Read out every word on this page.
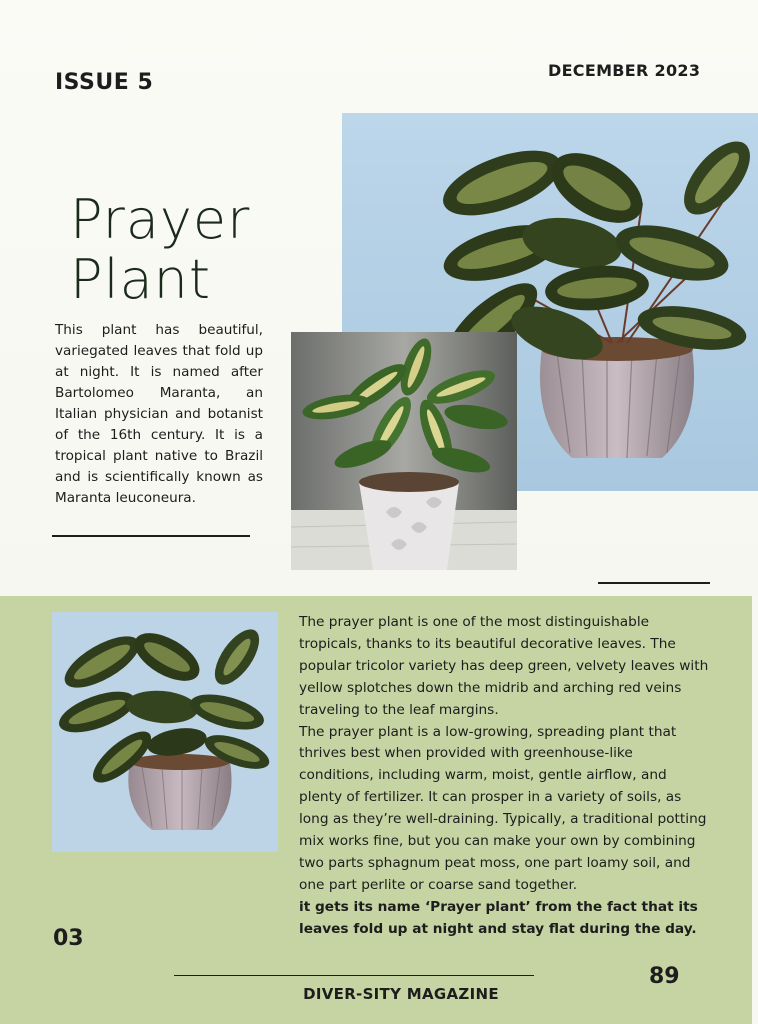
ISSUE 5	DECEMBER 2023
Prayer
Plant
This plant has beautiful, variegated leaves that fold up at night. It is named after Bartolomeo Maranta, an Italian physician and botanist of the 16th century. It is a tropical plant native to Brazil and is scientifically known as Maranta leuconeura.

The prayer plant is one of the most distinguishable tropicals, thanks to its beautiful decorative leaves. The popular tricolor variety has deep green, velvety leaves with yellow splotches down the midrib and arching red veins traveling to the leaf margins.

The prayer plant is a low-growing, spreading plant that thrives best when provided with greenhouse-like conditions, including warm, moist, gentle airflow, and plenty of fertilizer. It can prosper in a variety of soils, as long as they’re well-draining. Typically, a traditional potting mix works fine, but you can make your own by combining two parts sphagnum peat moss, one part loamy soil, and one part perlite or coarse sand together.

it gets its name ‘Prayer plant’ from the fact that its leaves fold up at night and stay flat during the day.

03
89
DIVER-SITY MAGAZINE
